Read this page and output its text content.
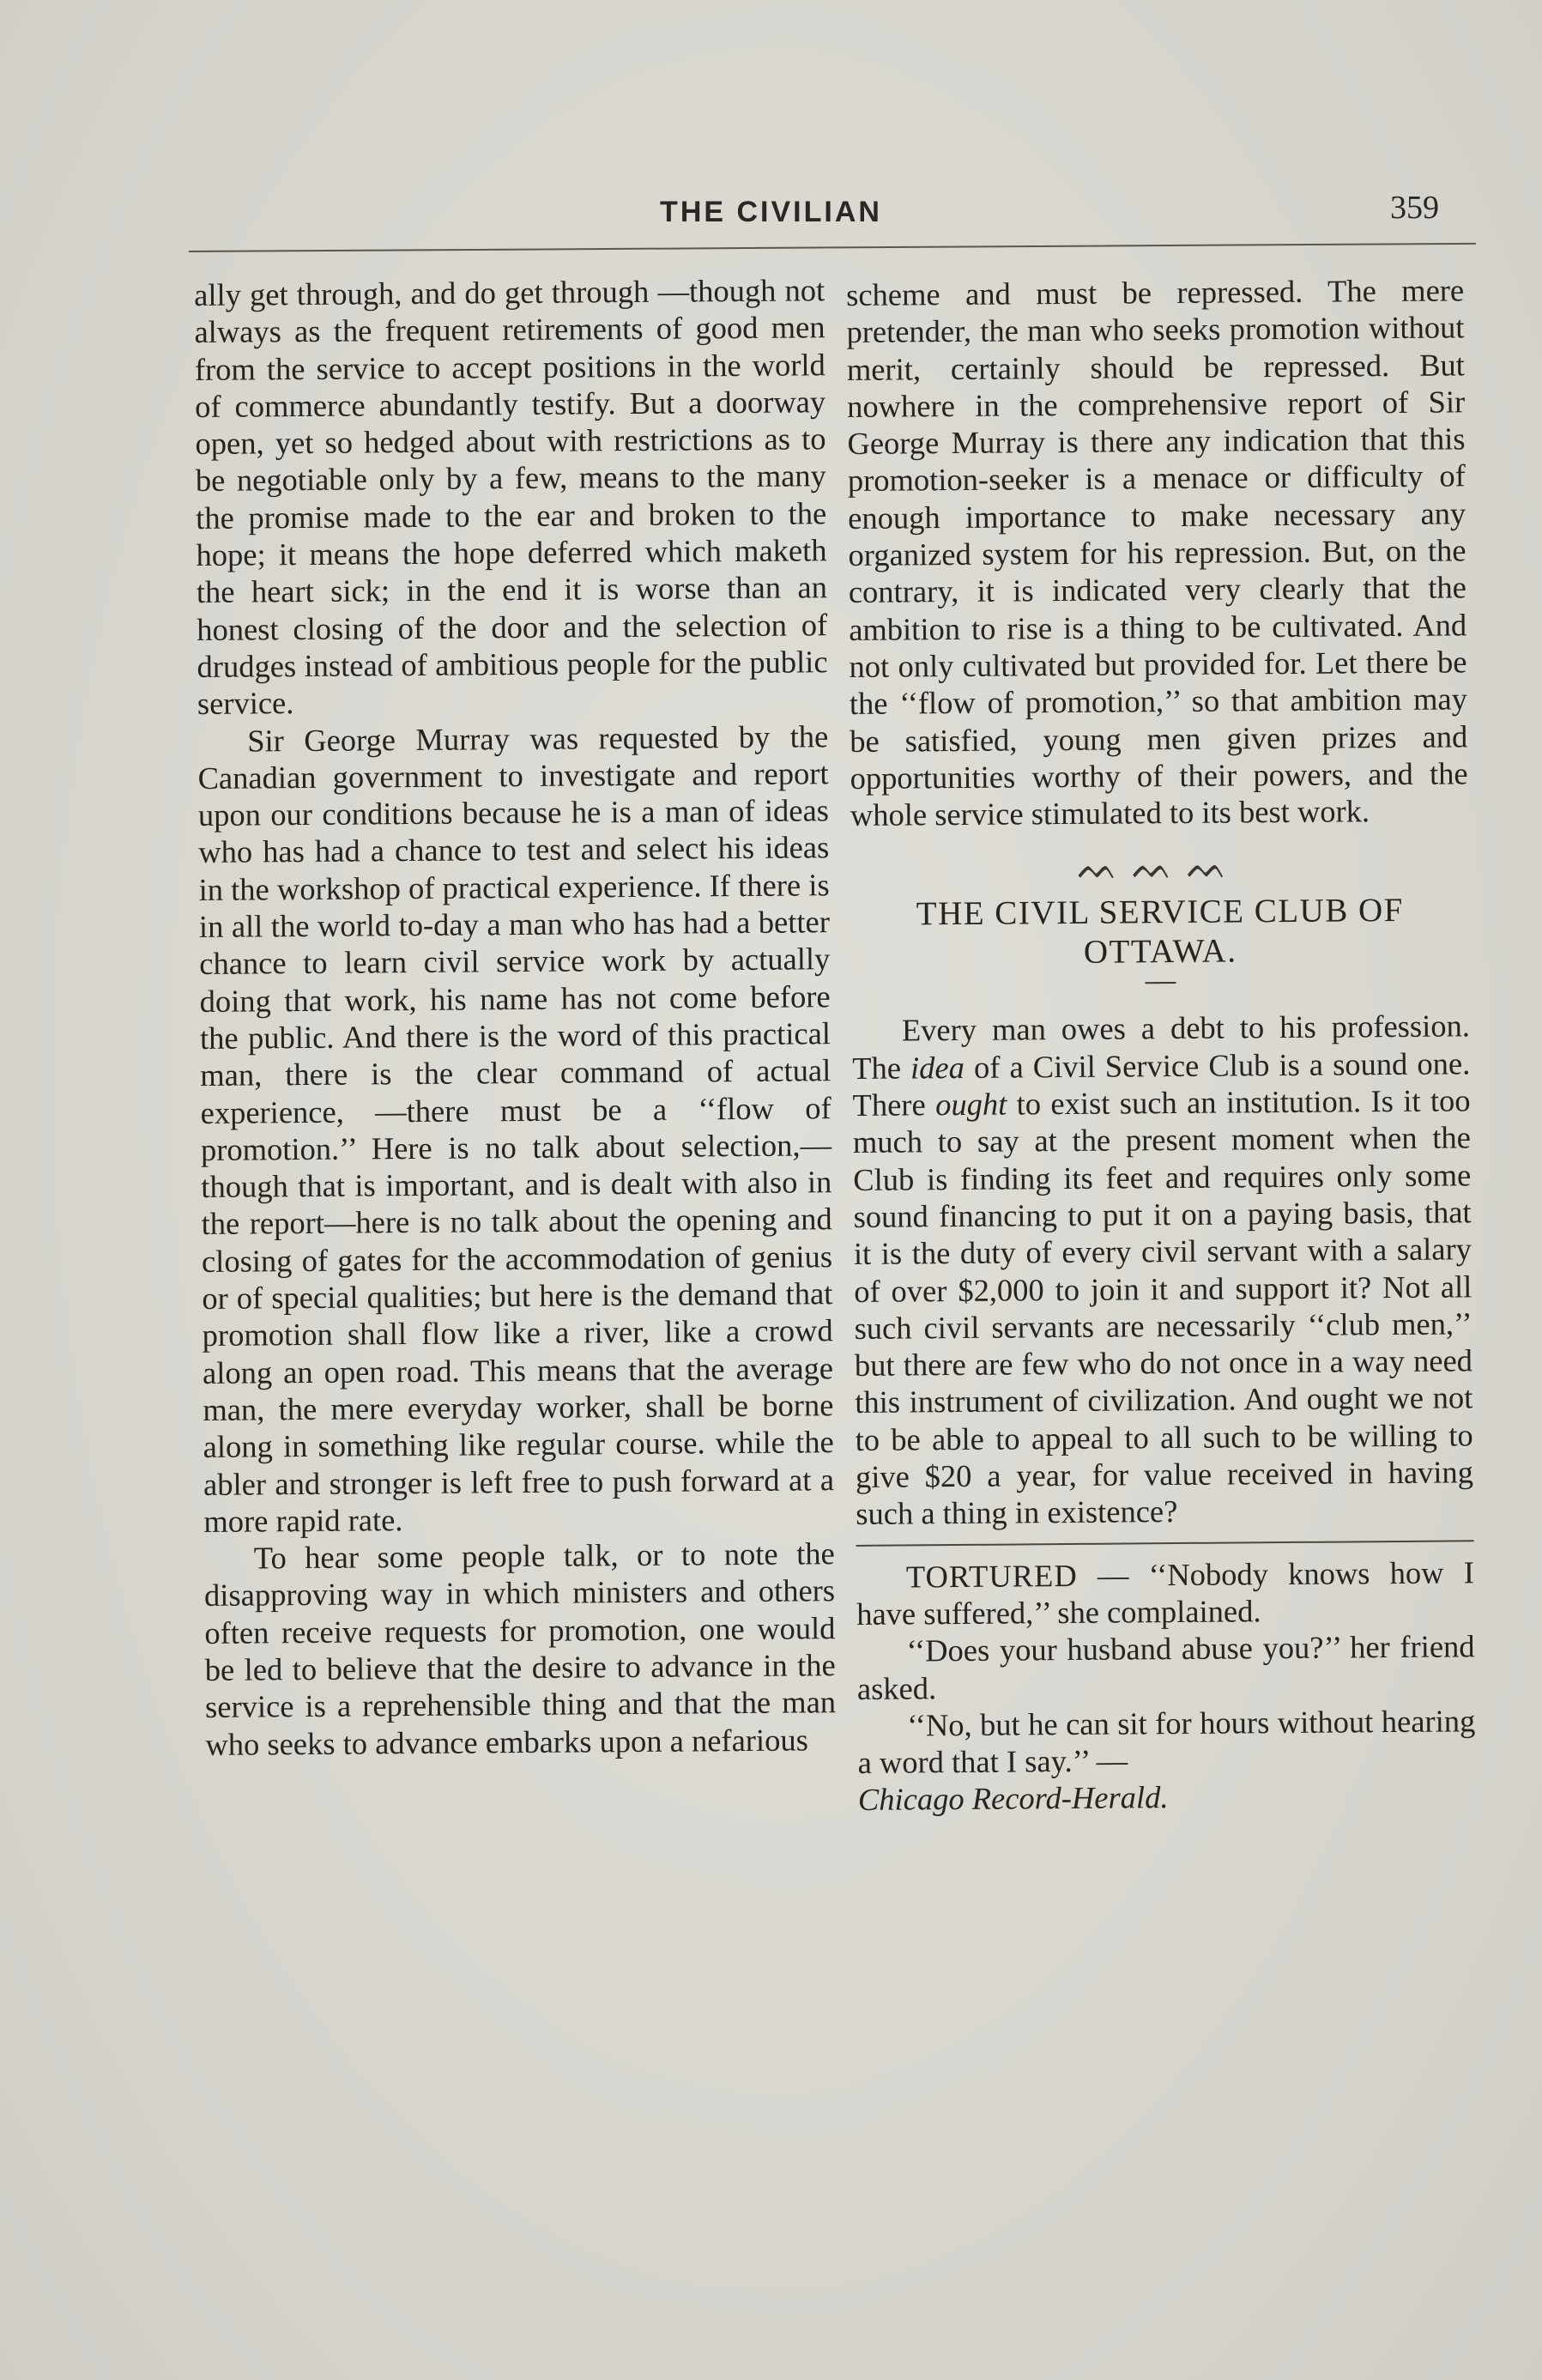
THE CIVILIAN	359

ally get through, and do get through —though not always as the frequent retirements of good men from the service to accept positions in the world of commerce abundantly testify. But a doorway open, yet so hedged about with restrictions as to be negotiable only by a few, means to the many the promise made to the ear and broken to the hope; it means the hope deferred which maketh the heart sick; in the end it is worse than an honest closing of the door and the selection of drudges instead of ambitious people for the public service.

Sir George Murray was requested by the Canadian government to investigate and report upon our conditions because he is a man of ideas who has had a chance to test and select his ideas in the workshop of practical experience. If there is in all the world to-day a man who has had a better chance to learn civil service work by actually doing that work, his name has not come before the public. And there is the word of this practical man, there is the clear command of actual experience, —there must be a ‘‘flow of promotion.’’ Here is no talk about selection,—though that is important, and is dealt with also in the report—here is no talk about the opening and closing of gates for the accommodation of genius or of special qualities; but here is the demand that promotion shall flow like a river, like a crowd along an open road. This means that the average man, the mere everyday worker, shall be borne along in something like regular course. while the abler and stronger is left free to push forward at a more rapid rate.

To hear some people talk, or to note the disapproving way in which ministers and others often receive requests for promotion, one would be led to believe that the desire to advance in the service is a reprehensible thing and that the man who seeks to advance embarks upon a nefarious

scheme and must be repressed. The mere pretender, the man who seeks promotion without merit, certainly should be repressed. But nowhere in the comprehensive report of Sir George Murray is there any indication that this promotion-seeker is a menace or difficulty of enough importance to make necessary any organized system for his repression. But, on the contrary, it is indicated very clearly that the ambition to rise is a thing to be cultivated. And not only cultivated but provided for. Let there be the ‘‘flow of promotion,’’ so that ambition may be satisfied, young men given prizes and opportunities worthy of their powers, and the whole service stimulated to its best work.

ᨓᨓᨓ
THE CIVIL SERVICE CLUB OF OTTAWA.

Every man owes a debt to his profession. The idea of a Civil Service Club is a sound one. There ought to exist such an institution. Is it too much to say at the present moment when the Club is finding its feet and requires only some sound financing to put it on a paying basis, that it is the duty of every civil servant with a salary of over $2,000 to join it and support it? Not all such civil servants are necessarily ‘‘club men,’’ but there are few who do not once in a way need this instrument of civilization. And ought we not to be able to appeal to all such to be willing to give $20 a year, for value received in having such a thing in existence?

TORTURED — ‘‘Nobody knows how I have suffered,’’ she complained.

‘‘Does your husband abuse you?’’ her friend asked.

‘‘No, but he can sit for hours without hearing a word that I say.’’ —

Chicago Record-Herald.
